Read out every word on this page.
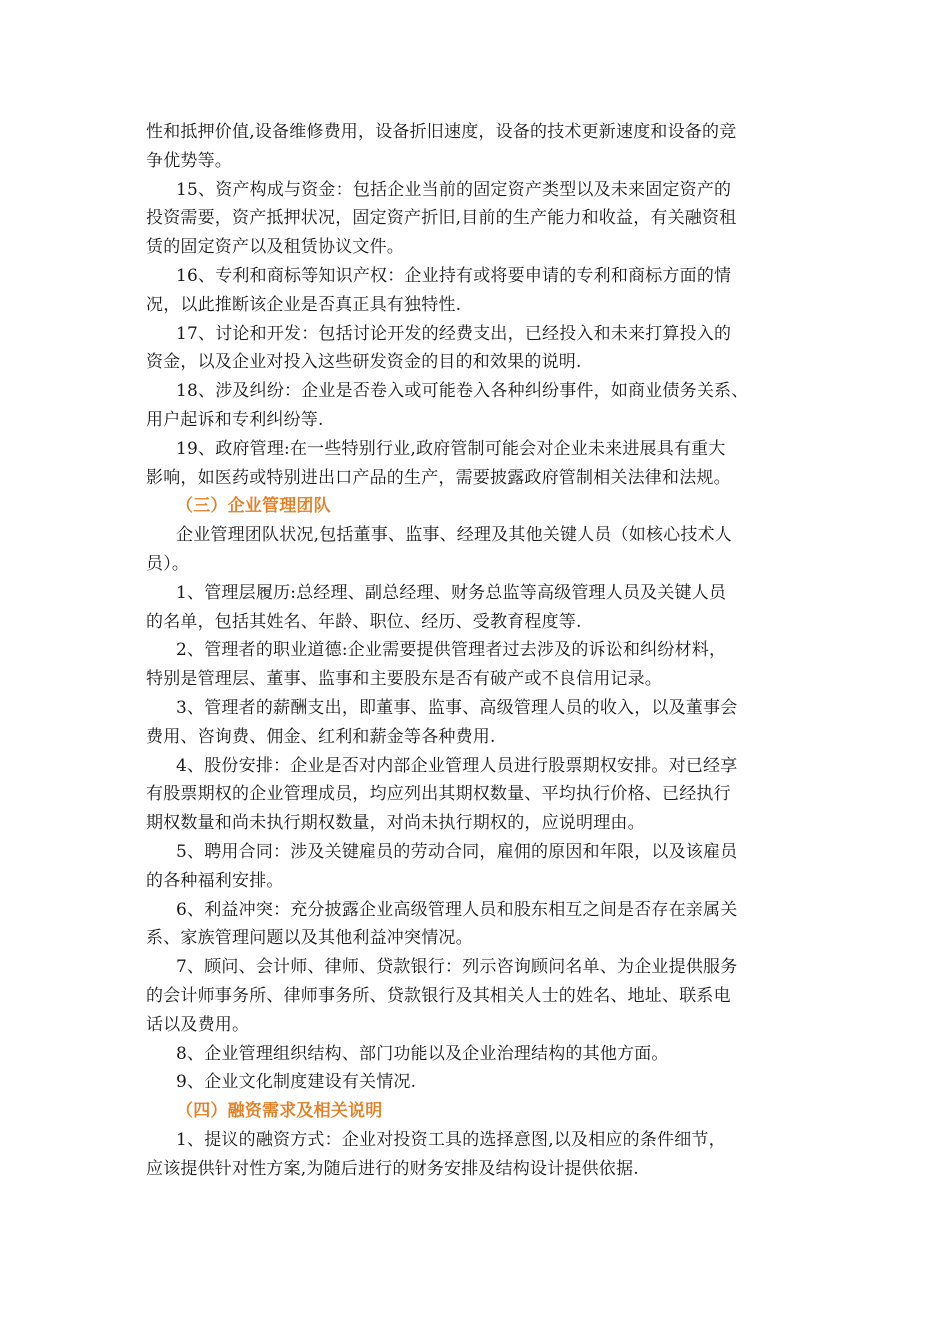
性和抵押价值,设备维修费用，设备折旧速度，设备的技术更新速度和设备的竞
争优势等。
15、资产构成与资金：包括企业当前的固定资产类型以及未来固定资产的
投资需要，资产抵押状况，固定资产折旧,目前的生产能力和收益，有关融资租
赁的固定资产以及租赁协议文件。
16、专利和商标等知识产权：企业持有或将要申请的专利和商标方面的情
况，以此推断该企业是否真正具有独特性.
17、讨论和开发：包括讨论开发的经费支出，已经投入和未来打算投入的
资金，以及企业对投入这些研发资金的目的和效果的说明.
18、涉及纠纷：企业是否卷入或可能卷入各种纠纷事件，如商业债务关系、
用户起诉和专利纠纷等.
19、政府管理:在一些特别行业,政府管制可能会对企业未来进展具有重大
影响，如医药或特别进出口产品的生产，需要披露政府管制相关法律和法规。
（三）企业管理团队
企业管理团队状况,包括董事、监事、经理及其他关键人员（如核心技术人
员）。
1、管理层履历:总经理、副总经理、财务总监等高级管理人员及关键人员
的名单，包括其姓名、年龄、职位、经历、受教育程度等.
2、管理者的职业道德:企业需要提供管理者过去涉及的诉讼和纠纷材料，
特别是管理层、董事、监事和主要股东是否有破产或不良信用记录。
3、管理者的薪酬支出，即董事、监事、高级管理人员的收入，以及董事会
费用、咨询费、佣金、红利和薪金等各种费用.
4、股份安排：企业是否对内部企业管理人员进行股票期权安排。对已经享
有股票期权的企业管理成员，均应列出其期权数量、平均执行价格、已经执行
期权数量和尚未执行期权数量，对尚未执行期权的，应说明理由。
5、聘用合同：涉及关键雇员的劳动合同，雇佣的原因和年限，以及该雇员
的各种福利安排。
6、利益冲突：充分披露企业高级管理人员和股东相互之间是否存在亲属关
系、家族管理问题以及其他利益冲突情况。
7、顾问、会计师、律师、贷款银行：列示咨询顾问名单、为企业提供服务
的会计师事务所、律师事务所、贷款银行及其相关人士的姓名、地址、联系电
话以及费用。
8、企业管理组织结构、部门功能以及企业治理结构的其他方面。
9、企业文化制度建设有关情况.
（四）融资需求及相关说明
1、提议的融资方式：企业对投资工具的选择意图,以及相应的条件细节，
应该提供针对性方案,为随后进行的财务安排及结构设计提供依据.
